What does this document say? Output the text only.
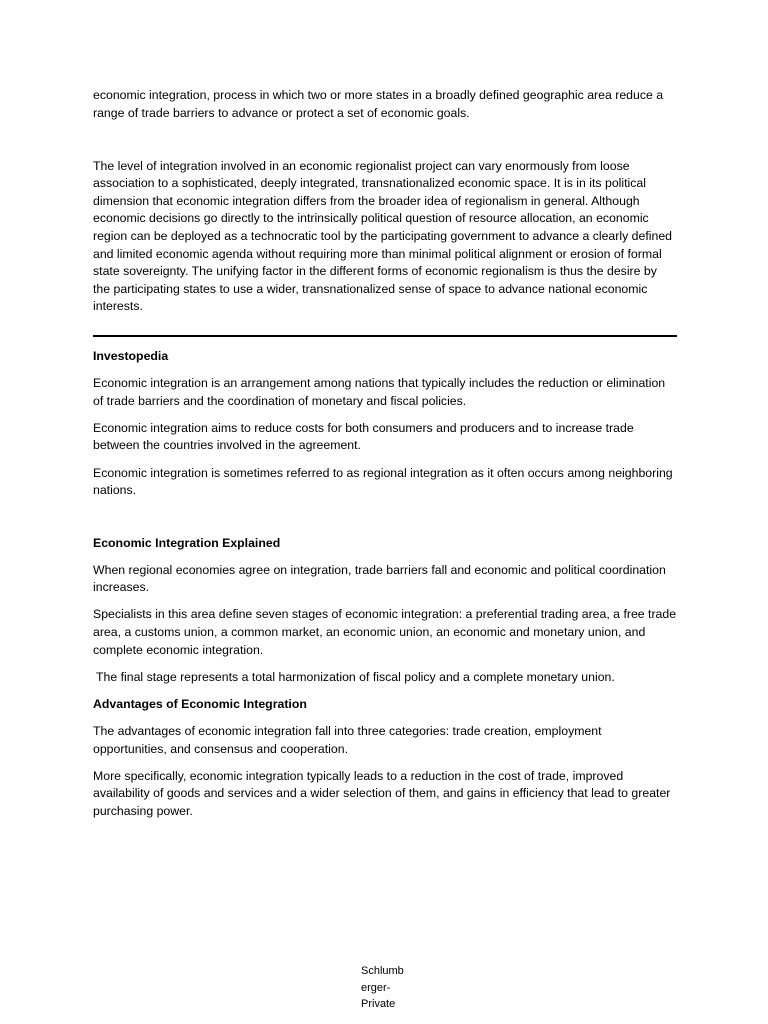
economic integration, process in which two or more states in a broadly defined geographic area reduce a range of trade barriers to advance or protect a set of economic goals.

The level of integration involved in an economic regionalist project can vary enormously from loose association to a sophisticated, deeply integrated, transnationalized economic space. It is in its political dimension that economic integration differs from the broader idea of regionalism in general. Although economic decisions go directly to the intrinsically political question of resource allocation, an economic region can be deployed as a technocratic tool by the participating government to advance a clearly defined and limited economic agenda without requiring more than minimal political alignment or erosion of formal state sovereignty. The unifying factor in the different forms of economic regionalism is thus the desire by the participating states to use a wider, transnationalized sense of space to advance national economic interests.

Investopedia

Economic integration is an arrangement among nations that typically includes the reduction or elimination of trade barriers and the coordination of monetary and fiscal policies.

Economic integration aims to reduce costs for both consumers and producers and to increase trade between the countries involved in the agreement.

Economic integration is sometimes referred to as regional integration as it often occurs among neighboring nations.

Economic Integration Explained

When regional economies agree on integration, trade barriers fall and economic and political coordination increases.

Specialists in this area define seven stages of economic integration: a preferential trading area, a free trade area, a customs union, a common market, an economic union, an economic and monetary union, and complete economic integration.

The final stage represents a total harmonization of fiscal policy and a complete monetary union.

Advantages of Economic Integration

The advantages of economic integration fall into three categories: trade creation, employment opportunities, and consensus and cooperation.

More specifically, economic integration typically leads to a reduction in the cost of trade, improved availability of goods and services and a wider selection of them, and gains in efficiency that lead to greater purchasing power.

Schlumb
erger-
Private
